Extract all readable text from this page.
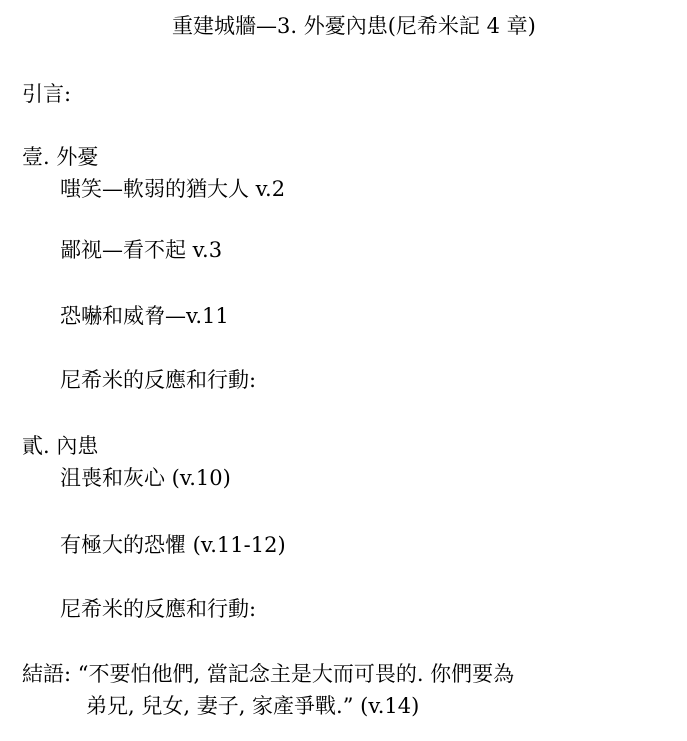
重建城牆—3. 外憂內患(尼希米記 4 章)
引言:
壹. 外憂
嗤笑—軟弱的猶大人 v.2
鄙视—看不起 v.3
恐嚇和威脅—v.11
尼希米的反應和行動:
貳. 內患
沮喪和灰心 (v.10)
有極大的恐懼 (v.11-12)
尼希米的反應和行動:
結語: “不要怕他們, 當記念主是大而可畏的. 你們要為
弟兄, 兒女, 妻子, 家產爭戰.” (v.14)
